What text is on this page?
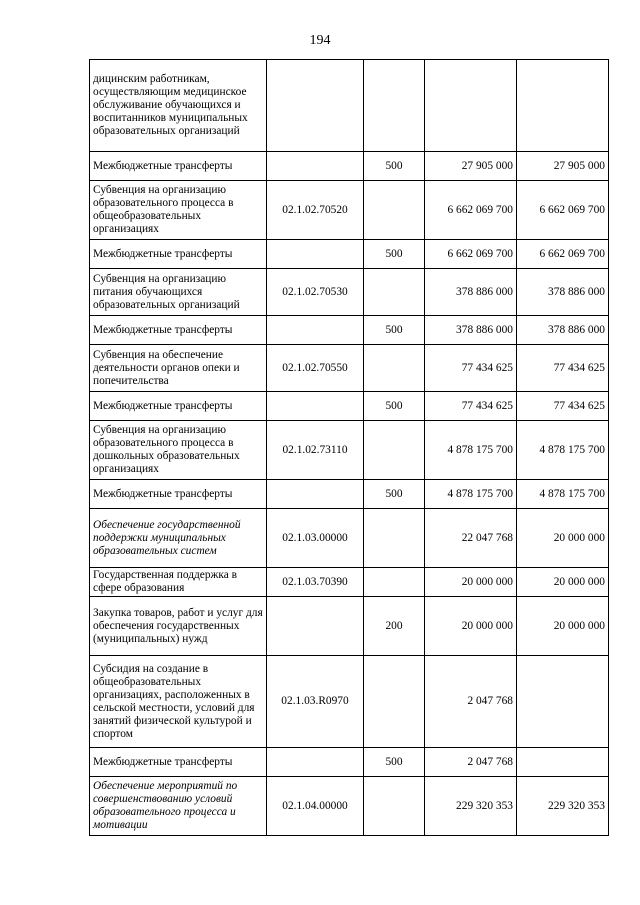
194
дицинским работникам, осуществляющим медицинское обслуживание обучающихся и воспитанников муниципальных образовательных организаций				
Межбюджетные трансферты		500	27 905 000	27 905 000
Субвенция на организацию образовательного процесса в общеобразовательных организациях	02.1.02.70520		6 662 069 700	6 662 069 700
Межбюджетные трансферты		500	6 662 069 700	6 662 069 700
Субвенция на организацию питания обучающихся образовательных организаций	02.1.02.70530		378 886 000	378 886 000
Межбюджетные трансферты		500	378 886 000	378 886 000
Субвенция на обеспечение деятельности органов опеки и попечительства	02.1.02.70550		77 434 625	77 434 625
Межбюджетные трансферты		500	77 434 625	77 434 625
Субвенция на организацию образовательного процесса в дошкольных образовательных организациях	02.1.02.73110		4 878 175 700	4 878 175 700
Межбюджетные трансферты		500	4 878 175 700	4 878 175 700
Обеспечение государственной поддержки муниципальных образовательных систем	02.1.03.00000		22 047 768	20 000 000
Государственная поддержка в сфере образования	02.1.03.70390		20 000 000	20 000 000
Закупка товаров, работ и услуг для обеспечения государственных (муниципальных) нужд		200	20 000 000	20 000 000
Субсидия на создание в общеобразовательных организациях, расположенных в сельской местности, условий для занятий физической культурой и спортом	02.1.03.R0970		2 047 768	
Межбюджетные трансферты		500	2 047 768	
Обеспечение мероприятий по совершенствованию условий образовательного процесса и мотивации	02.1.04.00000		229 320 353	229 320 353
